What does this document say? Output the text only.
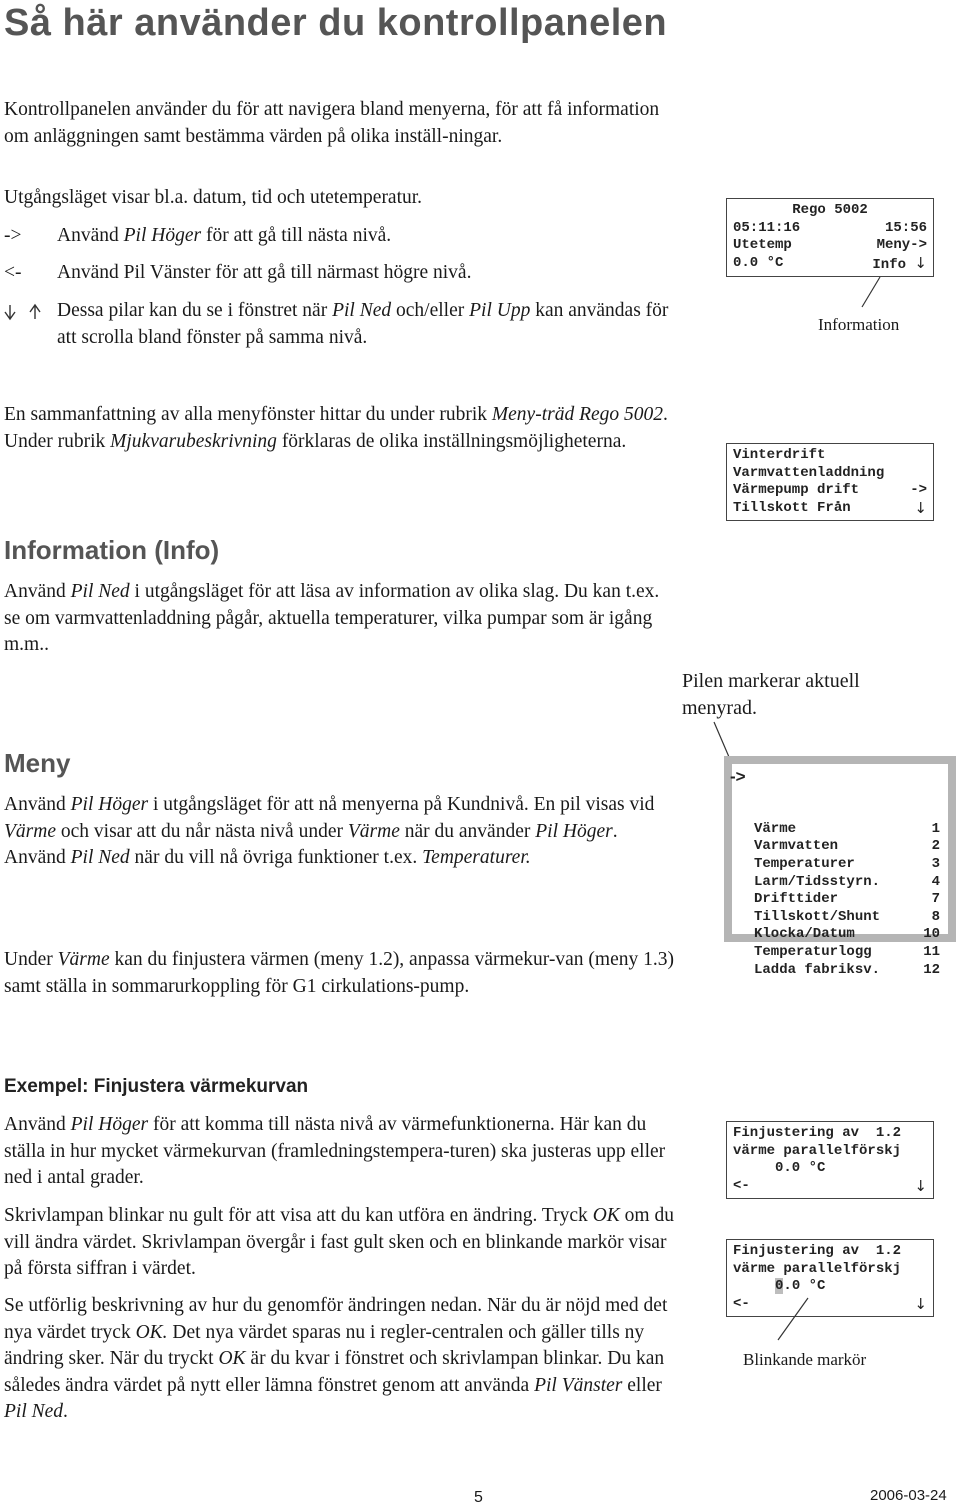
Så här använder du kontrollpanelen
Kontrollpanelen använder du för att navigera bland menyerna, för att få information om anläggningen samt bestämma värden på olika inställ-ningar.
Utgångsläget visar bl.a. datum, tid och utetemperatur.
-> Använd Pil Höger för att gå till nästa nivå.
<- Använd Pil Vänster för att gå till närmast högre nivå.
Dessa pilar kan du se i fönstret när Pil Ned och/eller Pil Upp kan användas för att scrolla bland fönster på samma nivå.
Rego 5002
05:11:16	15:56
Utetemp	Meny->
0.0 °C	Info ↓
Information
En sammanfattning av alla menyfönster hittar du under rubrik Meny-träd Rego 5002. Under rubrik Mjukvarubeskrivning förklaras de olika inställningsmöjligheterna.
Vinterdrift
Varmvattenladdning
Värmepump drift	->
Tillskott Från	↓
Information (Info)
Använd Pil Ned i utgångsläget för att läsa av information av olika slag. Du kan t.ex. se om varmvattenladdning pågår, aktuella temperaturer, vilka pumpar som är igång m.m..
Pilen markerar aktuell menyrad.
Meny
Använd Pil Höger i utgångsläget för att nå menyerna på Kundnivå. En pil visas vid Värme och visar att du når nästa nivå under Värme när du använder Pil Höger. Använd Pil Ned när du vill nå övriga funktioner t.ex. Temperaturer.

->

Värme	1
Varmvatten	2
Temperaturer	3
Larm/Tidsstyrn.	4
Drifttider	7
Tillskott/Shunt	8
Klocka/Datum	10
Temperaturlogg	11
Ladda fabriksv.	12

Under Värme kan du finjustera värmen (meny 1.2), anpassa värmekur-van (meny 1.3) samt ställa in sommarurkoppling för G1 cirkulations-pump.
Exempel: Finjustera värmekurvan
Använd Pil Höger för att komma till nästa nivå av värmefunktionerna. Här kan du ställa in hur mycket värmekurvan (framledningstempera-turen) ska justeras upp eller ned i antal grader.
Skrivlampan blinkar nu gult för att visa att du kan utföra en ändring. Tryck OK om du vill ändra värdet. Skrivlampan övergår i fast gult sken och en blinkande markör visar på första siffran i värdet.
Se utförlig beskrivning av hur du genomför ändringen nedan. När du är nöjd med det nya värdet tryck OK. Det nya värdet sparas nu i regler-centralen och gäller tills ny ändring sker. När du tryckt OK är du kvar i fönstret och skrivlampan blinkar. Du kan således ändra värdet på nytt eller lämna fönstret genom att använda Pil Vänster eller Pil Ned.
Finjustering av  1.2
värme parallelförskj
0.0 °C
<-	↓
Finjustering av  1.2
värme parallelförskj
0.0 °C
<-	↓
Blinkande markör
5	2006-03-24
